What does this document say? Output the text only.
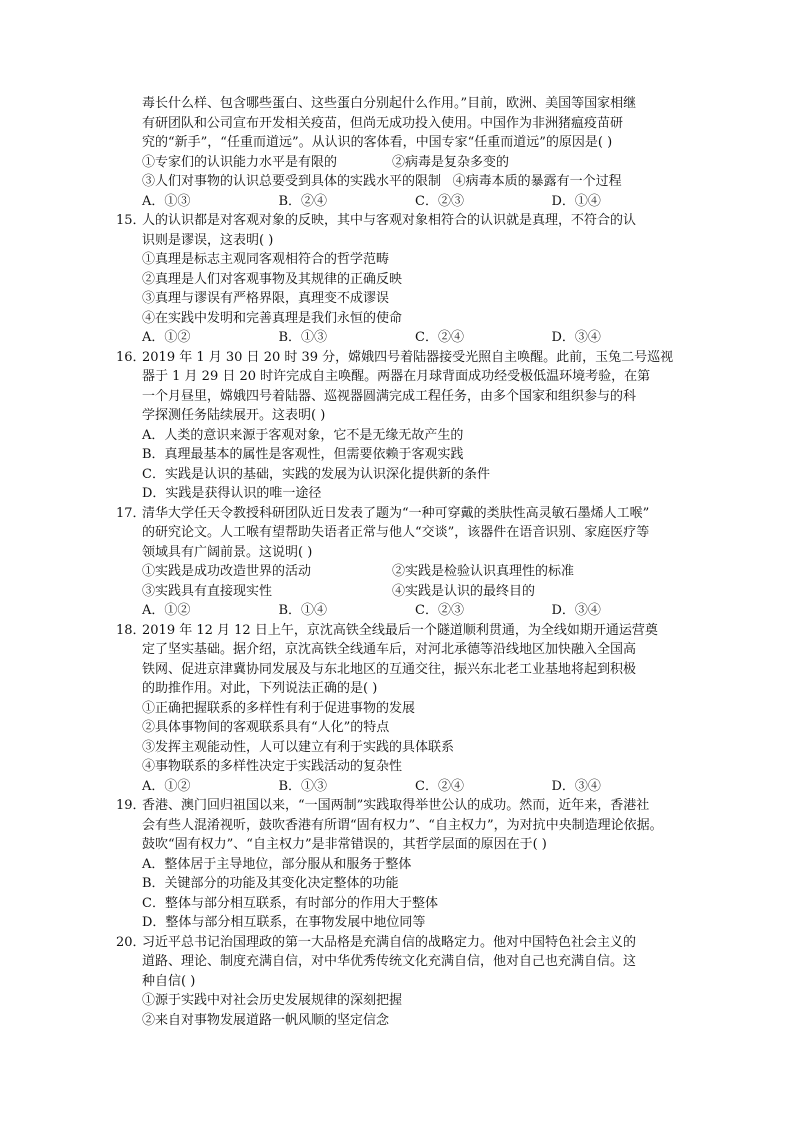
毒长什么样、包含哪些蛋白、这些蛋白分别起什么作用。”目前，欧洲、美国等国家相继
有研团队和公司宣布开发相关疫苗，但尚无成功投入使用。中国作为非洲猪瘟疫苗研
究的“新手”，“任重而道远”。从认识的客体看，中国专家“任重而道远”的原因是( )
①专家们的认识能力水平是有限的	②病毒是复杂多变的
③人们对事物的认识总要受到具体的实践水平的限制 ④病毒本质的暴露有一个过程
A．①③	B．②④	C．②③	D．①④
15．
人的认识都是对客观对象的反映，其中与客观对象相符合的认识就是真理，不符合的认
识则是谬误，这表明( )
①真理是标志主观同客观相符合的哲学范畴
②真理是人们对客观事物及其规律的正确反映
③真理与谬误有严格界限，真理变不成谬误
④在实践中发明和完善真理是我们永恒的使命
A．①②	B．①③	C．②④	D．③④
16．
2019 年 1 月 30 日 20 时 39 分，嫦娥四号着陆器接受光照自主唤醒。此前，玉兔二号巡视
器于 1 月 29 日 20 时许完成自主唤醒。两器在月球背面成功经受极低温环境考验，在第
一个月昼里，嫦娥四号着陆器、巡视器圆满完成工程任务，由多个国家和组织参与的科
学探测任务陆续展开。这表明( )
A．人类的意识来源于客观对象，它不是无缘无故产生的
B．真理最基本的属性是客观性，但需要依赖于客观实践
C．实践是认识的基础，实践的发展为认识深化提供新的条件
D．实践是获得认识的唯一途径
17．
清华大学任天令教授科研团队近日发表了题为“一种可穿戴的类肤性高灵敏石墨烯人工喉”
的研究论文。人工喉有望帮助失语者正常与他人“交谈”，该器件在语音识别、家庭医疗等
领域具有广阔前景。这说明( )
①实践是成功改造世界的活动	②实践是检验认识真理性的标准
③实践具有直接现实性	④实践是认识的最终目的
A．①②	B．①④	C．②③	D．③④
18．
2019 年 12 月 12 日上午，京沈高铁全线最后一个隧道顺利贯通，为全线如期开通运营奠
定了坚实基础。据介绍，京沈高铁全线通车后，对河北承德等沿线地区加快融入全国高
铁网、促进京津冀协同发展及与东北地区的互通交往，振兴东北老工业基地将起到积极
的助推作用。对此，下列说法正确的是( )
①正确把握联系的多样性有利于促进事物的发展
②具体事物间的客观联系具有“人化”的特点
③发挥主观能动性，人可以建立有利于实践的具体联系
④事物联系的多样性决定于实践活动的复杂性
A．①②	B．①③	C．②④	D．③④
19．
香港、澳门回归祖国以来，“一国两制”实践取得举世公认的成功。然而，近年来，香港社
会有些人混淆视听，鼓吹香港有所谓“固有权力”、“自主权力”，为对抗中央制造理论依据。
鼓吹“固有权力”、“自主权力”是非常错误的，其哲学层面的原因在于( )
A．整体居于主导地位，部分服从和服务于整体
B．关键部分的功能及其变化决定整体的功能
C．整体与部分相互联系，有时部分的作用大于整体
D．整体与部分相互联系，在事物发展中地位同等
20．
习近平总书记治国理政的第一大品格是充满自信的战略定力。他对中国特色社会主义的
道路、理论、制度充满自信，对中华优秀传统文化充满自信，他对自己也充满自信。这
种自信( )
①源于实践中对社会历史发展规律的深刻把握
②来自对事物发展道路一帆风顺的坚定信念
